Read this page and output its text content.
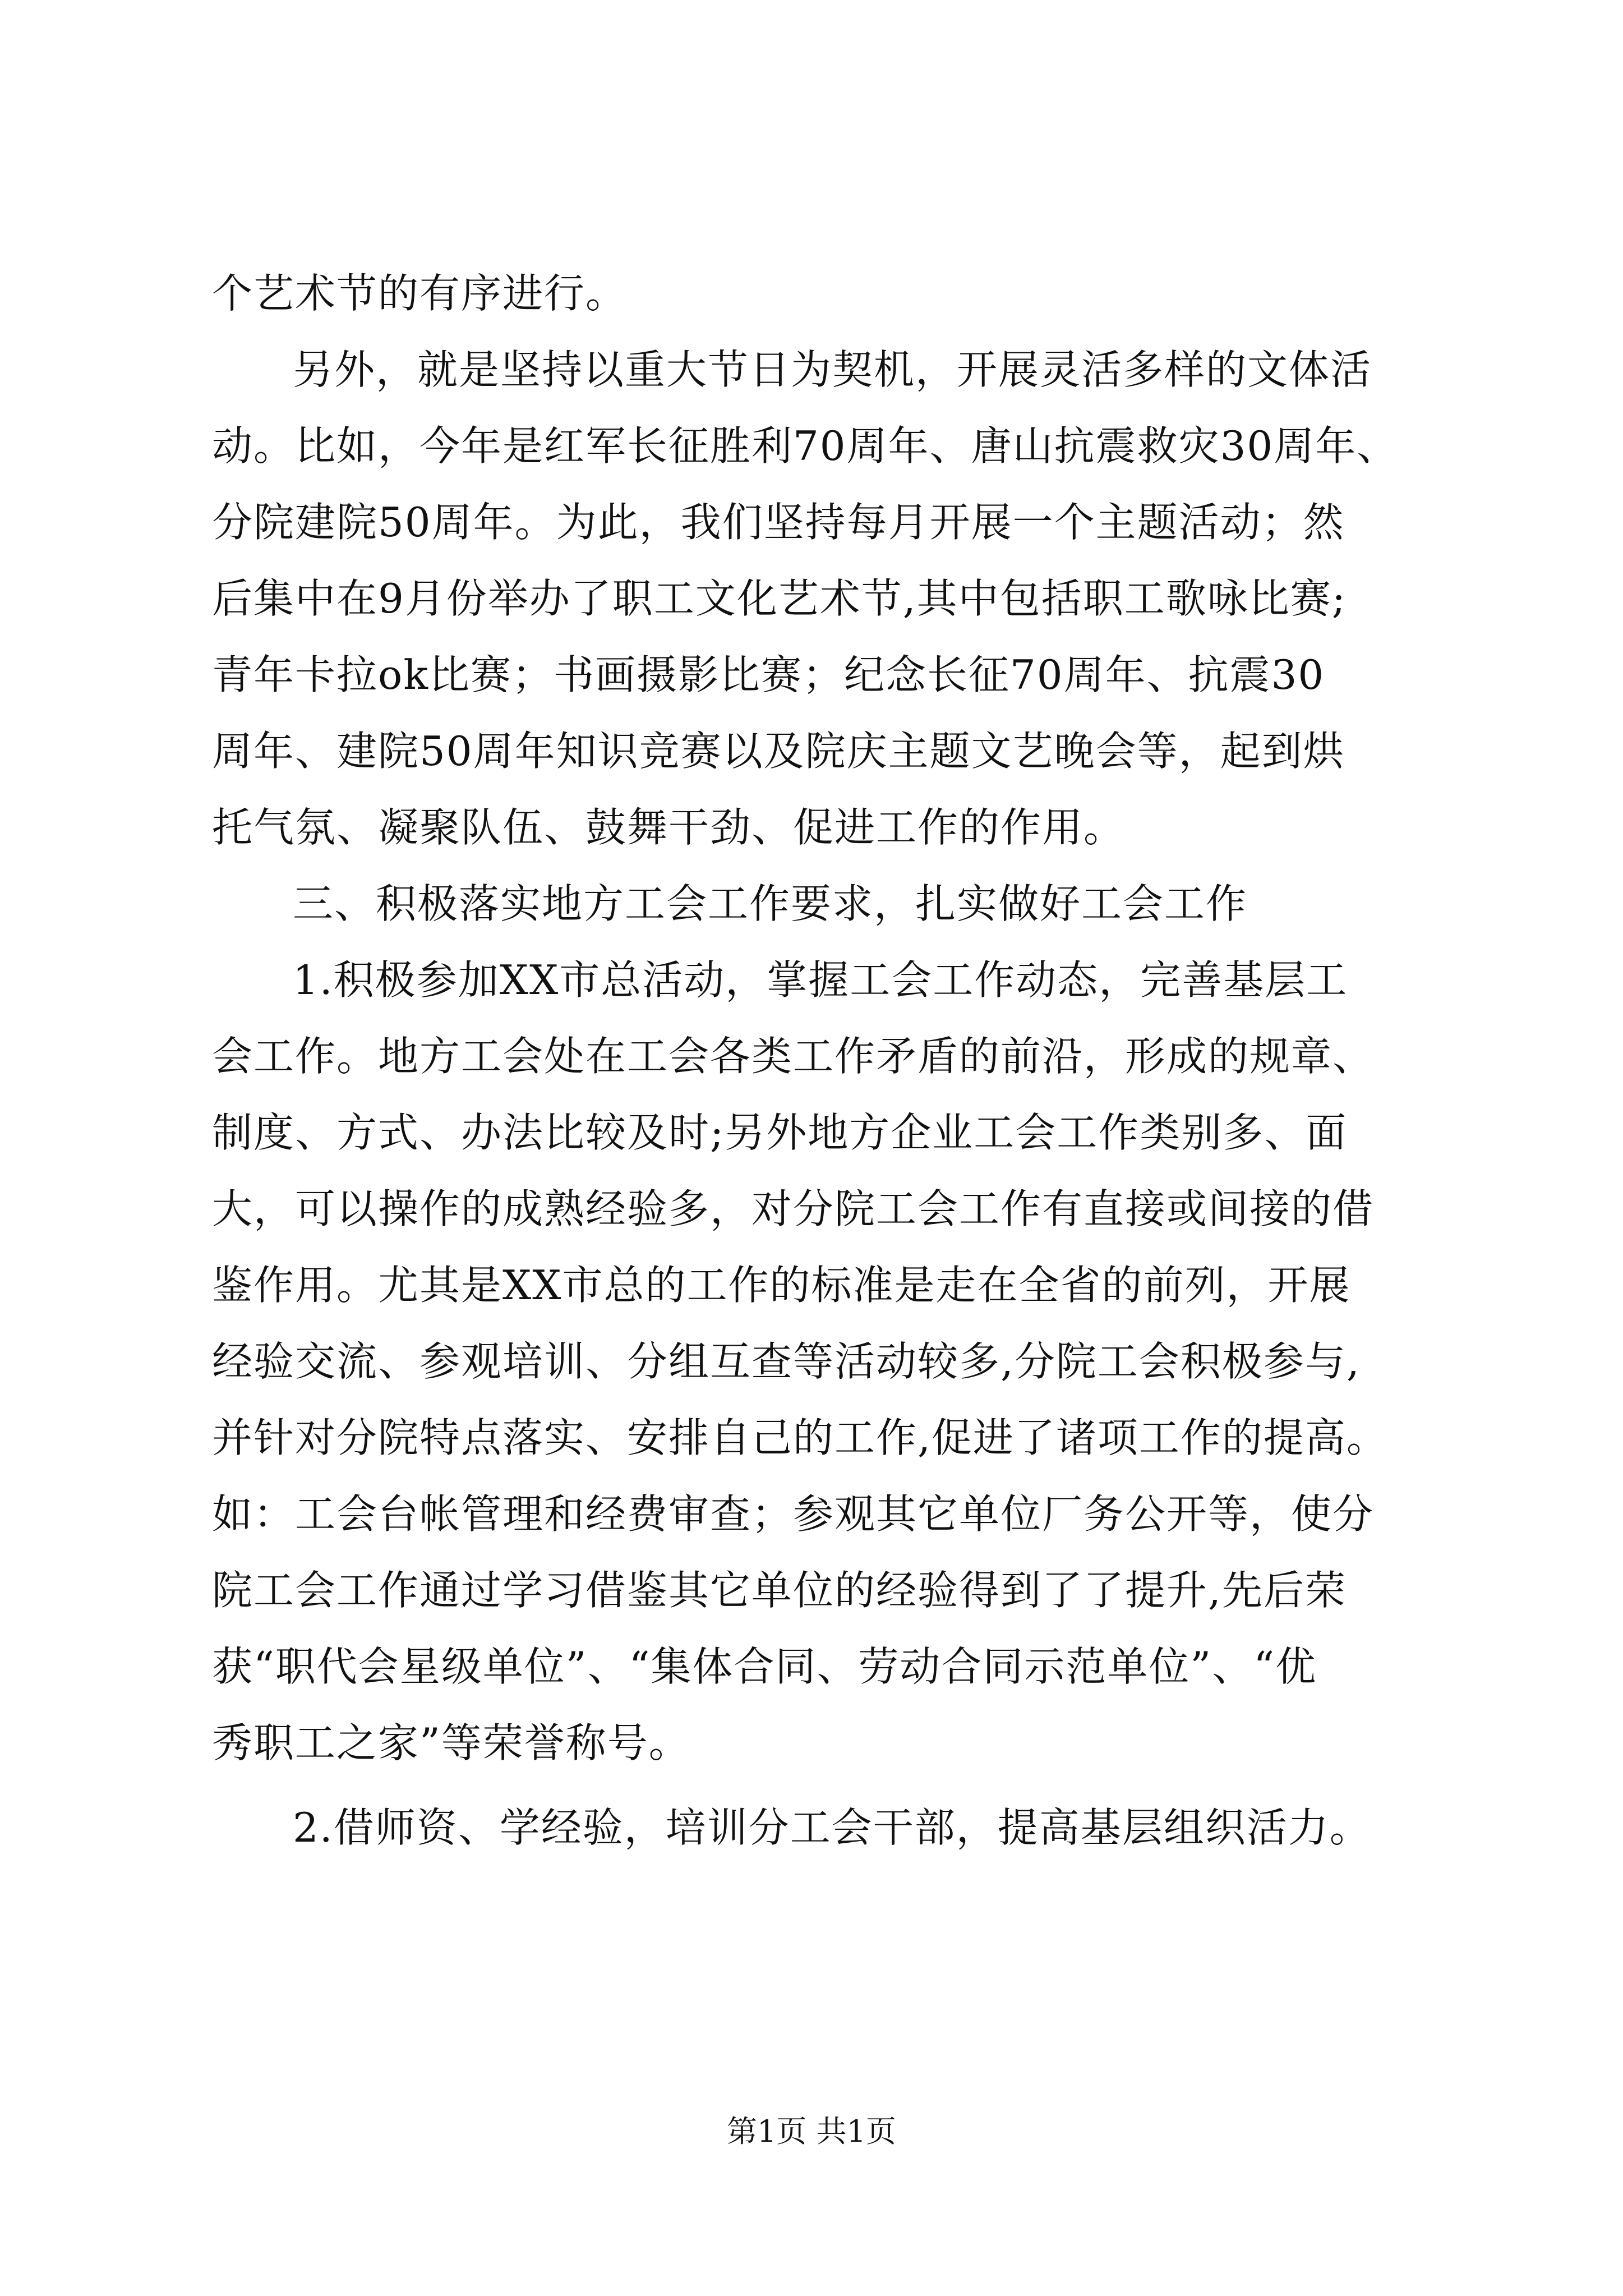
个艺术节的有序进行。
另外，就是坚持以重大节日为契机，开展灵活多样的文体活
动。比如，今年是红军长征胜利70周年、唐山抗震救灾30周年、
分院建院50周年。为此，我们坚持每月开展一个主题活动；然
后集中在9月份举办了职工文化艺术节,其中包括职工歌咏比赛;
青年卡拉ok比赛；书画摄影比赛；纪念长征70周年、抗震30
周年、建院50周年知识竞赛以及院庆主题文艺晚会等，起到烘
托气氛、凝聚队伍、鼓舞干劲、促进工作的作用。
三、积极落实地方工会工作要求，扎实做好工会工作
1.积极参加XX市总活动，掌握工会工作动态，完善基层工
会工作。地方工会处在工会各类工作矛盾的前沿，形成的规章、
制度、方式、办法比较及时;另外地方企业工会工作类别多、面
大，可以操作的成熟经验多，对分院工会工作有直接或间接的借
鉴作用。尤其是XX市总的工作的标准是走在全省的前列，开展
经验交流、参观培训、分组互查等活动较多,分院工会积极参与,
并针对分院特点落实、安排自己的工作,促进了诸项工作的提高。
如：工会台帐管理和经费审查；参观其它单位厂务公开等，使分
院工会工作通过学习借鉴其它单位的经验得到了了提升,先后荣
获“职代会星级单位”、“集体合同、劳动合同示范单位”、“优
秀职工之家”等荣誉称号。
2.借师资、学经验，培训分工会干部，提高基层组织活力。
第1页 共1页
